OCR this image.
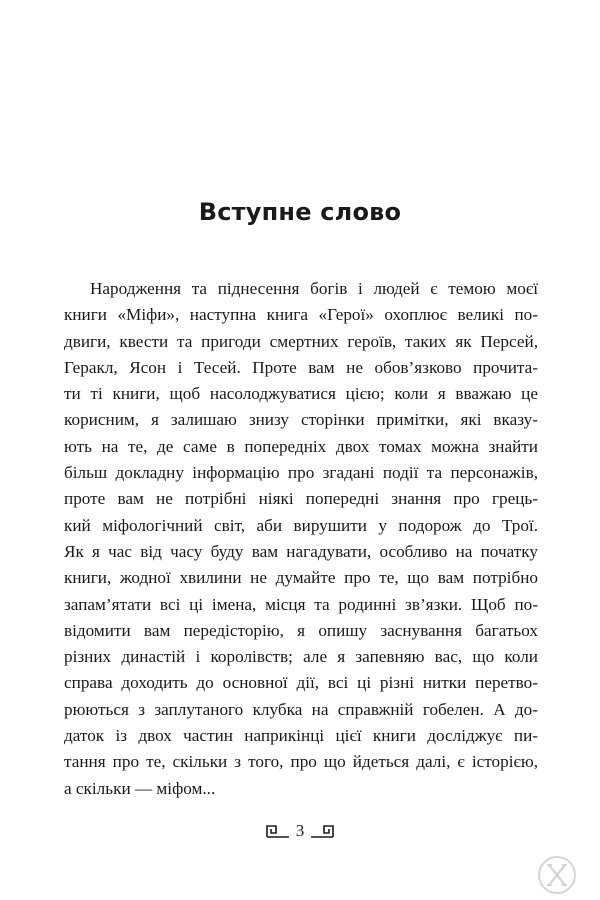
Вступне слово
Народження та піднесення богів і людей є темою моєї
книги «Міфи», наступна книга «Герої» охоплює великі по-
двиги, квести та пригоди смертних героїв, таких як Персей,
Геракл, Ясон і Тесей. Проте вам не обов’язково прочита-
ти ті книги, щоб насолоджуватися цією; коли я вважаю це
корисним, я залишаю знизу сторінки примітки, які вказу-
ють на те, де саме в попередніх двох томах можна знайти
більш докладну інформацію про згадані події та персонажів,
проте вам не потрібні ніякі попередні знання про грець-
кий міфологічний світ, аби вирушити у подорож до Трої.
Як я час від часу буду вам нагадувати, особливо на початку
книги, жодної хвилини не думайте про те, що вам потрібно
запам’ятати всі ці імена, місця та родинні зв’язки. Щоб по-
відомити вам передісторію, я опишу заснування багатьох
різних династій і королівств; але я запевняю вас, що коли
справа доходить до основної дії, всі ці різні нитки перетво-
рюються з заплутаного клубка на справжній гобелен. А до-
даток із двох частин наприкінці цієї книги досліджує пи-
тання про те, скільки з того, про що йдеться далі, є історією,
а скільки — міфом...
3
